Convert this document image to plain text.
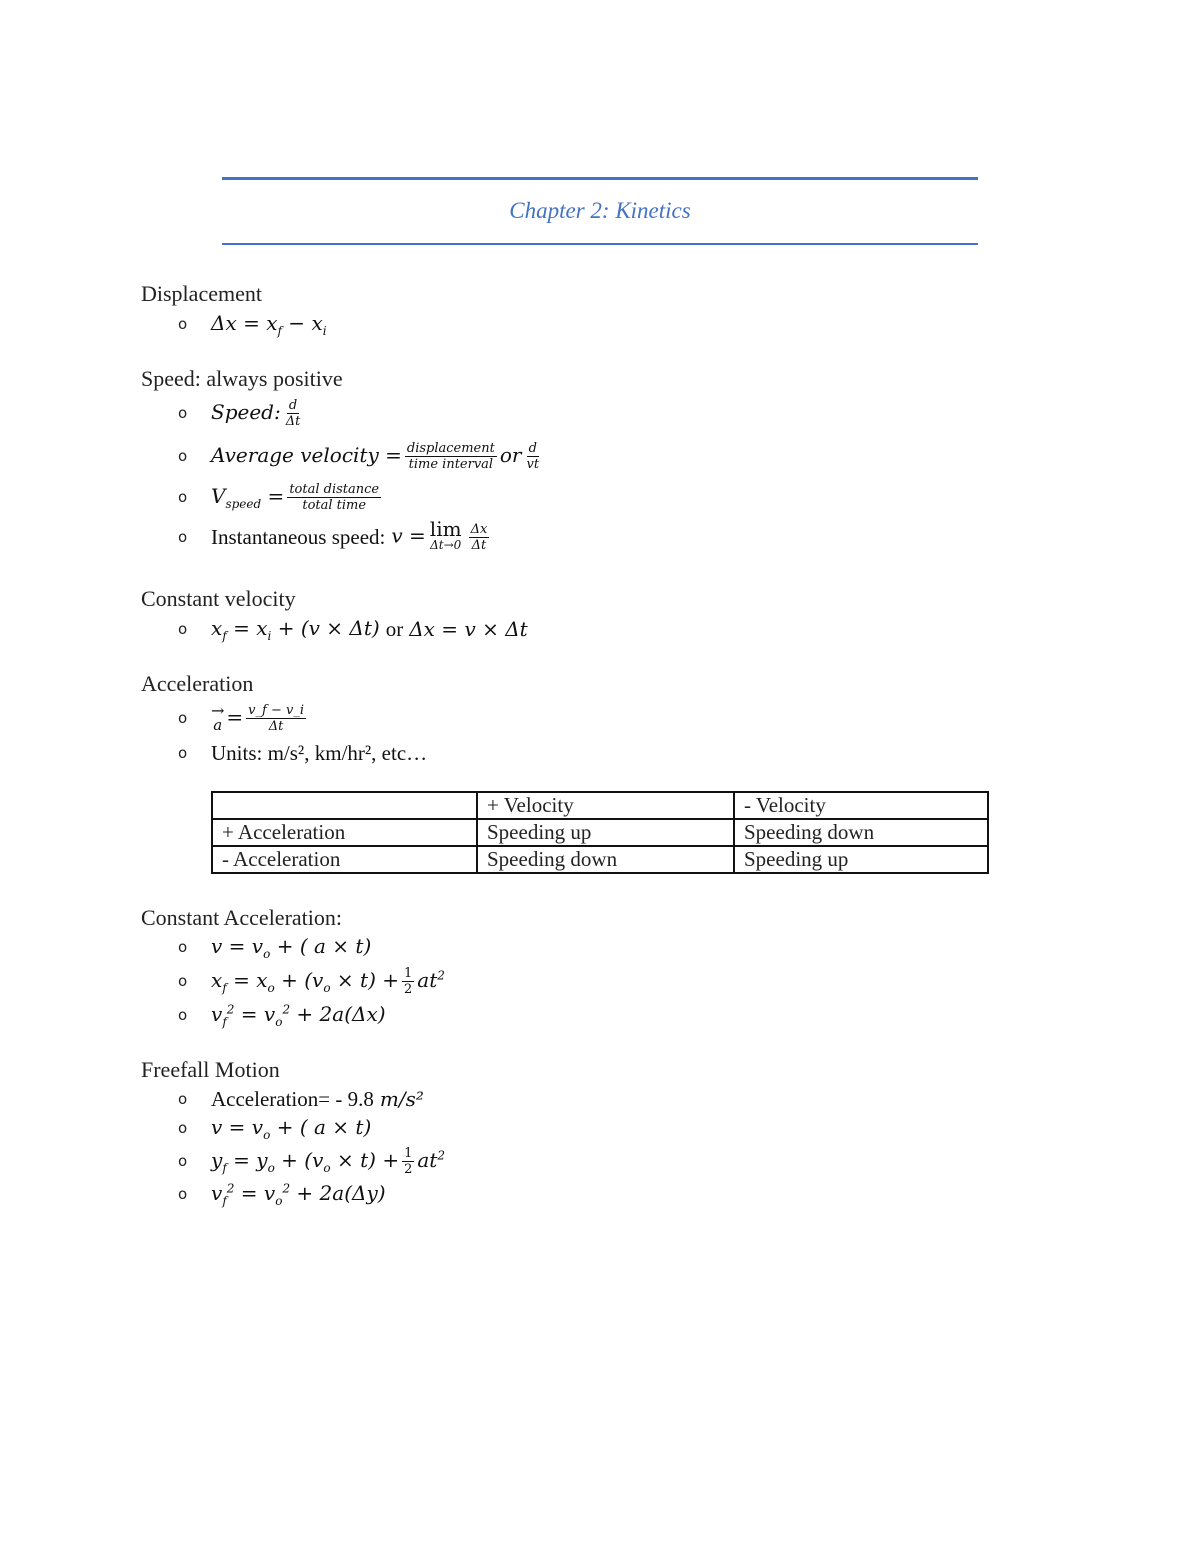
Chapter 2: Kinetics
Displacement
o	$\Delta x = x_f - x_i$
Speed: always positive
o	Speed: $\frac{d}{\Delta t}$
o	Average velocity = $\frac{\text{displacement}}{\text{time interval}}$ or $\frac{d}{vt}$
o	$V_{speed} = \frac{\text{total distance}}{\text{total time}}$
o	Instantaneous speed: v = lim
$\Delta t\to 0 \frac{\Delta x}{\Delta t}$
Constant velocity
o	$x_f = x_i + (v \times \Delta t)$ or Δx = v × Δt
Acceleration
o	→
$a = \frac{v\_f - v\_i}{\Delta t}$
o	Units: m/s², km/hr², etc…
	+ Velocity	- Velocity
+ Acceleration	Speeding up	Speeding down
- Acceleration	Speeding down	Speeding up
Constant Acceleration:
o	$v = v_o$ + ( a × t)
o	$x_f = x_o + (v_o \times t) + \frac{1}{2} at^2$
o	$v_f^2 = v_o^2 + 2a(\Delta x)$
Freefall Motion
o	Acceleration= - 9.8 m/s²
o	$v = v_o$ + ( a × t)
o	$y_f = y_o + (v_o \times t) + \frac{1}{2} at^2$
o	$v_f^2 = v_o^2 + 2a(\Delta y)$
